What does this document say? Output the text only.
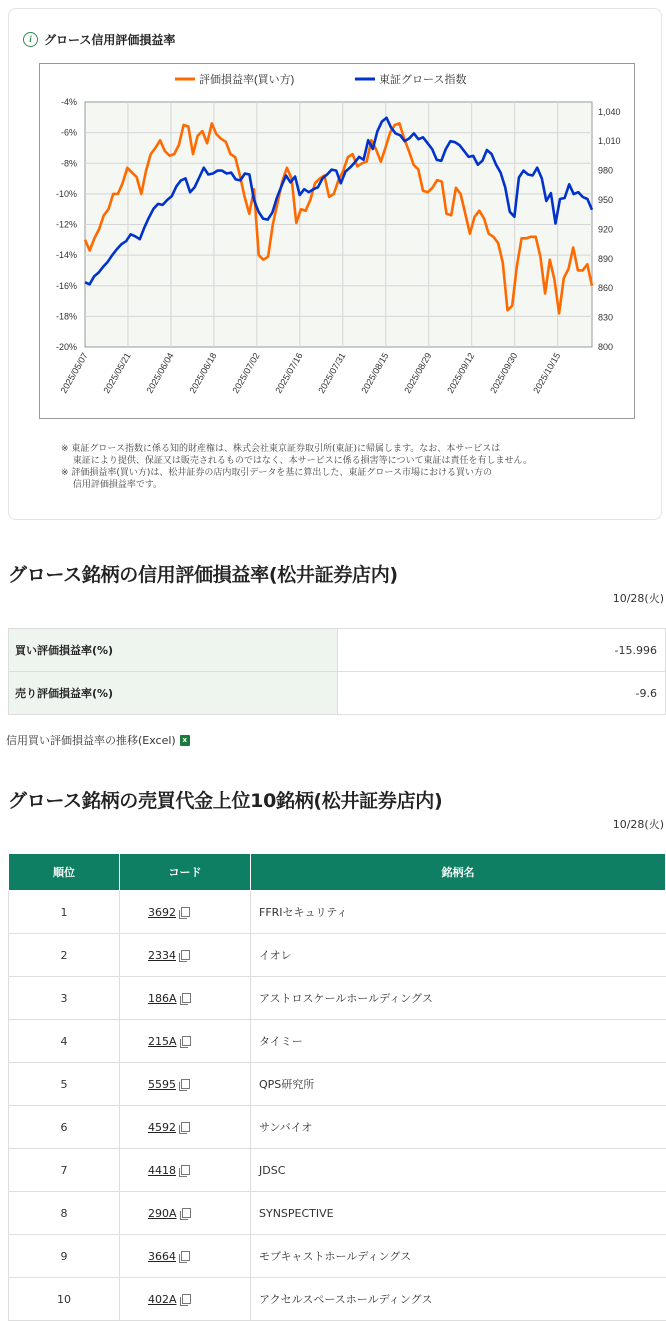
i	グロース信用評価損益率
-4%
-6%
-8%
-10%
-12%
-14%
-16%
-18%
-20%
1,040
1,010
980
950
920
890
860
830
800
2025/05/07 2025/05/21 2025/06/04 2025/06/18 2025/07/02 2025/07/16 2025/07/31 2025/08/15 2025/08/29 2025/09/12 2025/09/30 2025/10/15
評価損益率(買い方)	東証グロース指数

※ 東証グロース指数に係る知的財産権は、株式会社東京証券取引所(東証)に帰属します。なお、本サービスは

　 東証により提供、保証又は販売されるものではなく、本サービスに係る損害等について東証は責任を有しません。

※ 評価損益率(買い方)は、松井証券の店内取引データを基に算出した、東証グロース市場における買い方の

　 信用評価損益率です。

グロース銘柄の信用評価損益率(松井証券店内)
10/28(火)
買い評価損益率(%)	-15.996
売り評価損益率(%)	-9.6
信用買い評価損益率の推移(Excel) x
グロース銘柄の売買代金上位10銘柄(松井証券店内)
10/28(火)
順位	コード	銘柄名
1	3692	FFRIセキュリティ
2	2334	イオレ
3	186A	アストロスケールホールディングス
4	215A	タイミー
5	5595	QPS研究所
6	4592	サンバイオ
7	4418	JDSC
8	290A	SYNSPECTIVE
9	3664	モブキャストホールディングス
10	402A	アクセルスペースホールディングス
